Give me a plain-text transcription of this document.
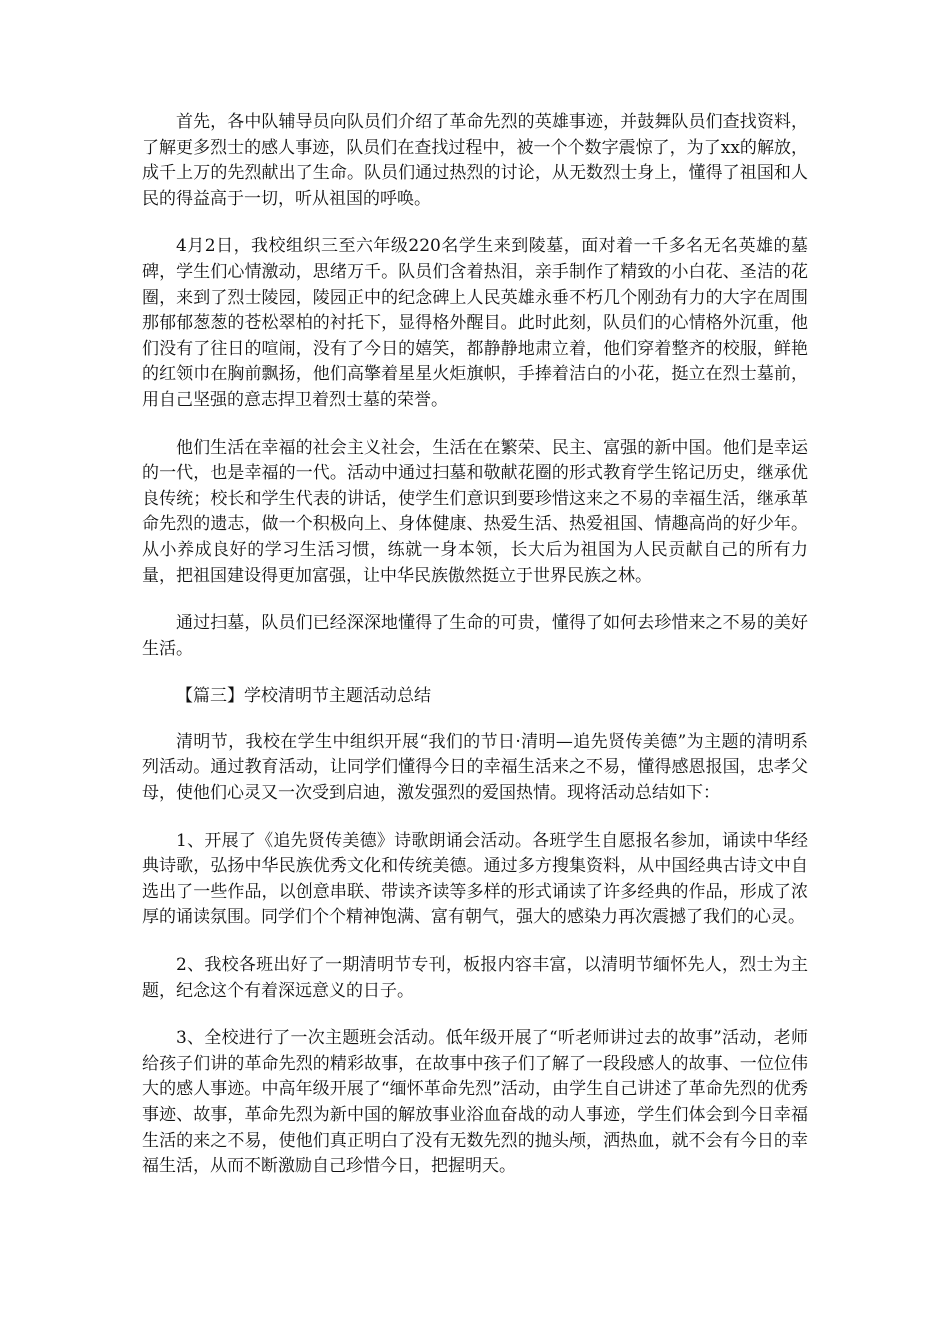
首先，各中队辅导员向队员们介绍了革命先烈的英雄事迹，并鼓舞队员们查找资料，了解更多烈士的感人事迹，队员们在查找过程中，被一个个数字震惊了，为了xx的解放，成千上万的先烈献出了生命。队员们通过热烈的讨论，从无数烈士身上，懂得了祖国和人民的得益高于一切，听从祖国的呼唤。

4月2日，我校组织三至六年级220名学生来到陵墓，面对着一千多名无名英雄的墓碑，学生们心情激动，思绪万千。队员们含着热泪，亲手制作了精致的小白花、圣洁的花圈，来到了烈士陵园，陵园正中的纪念碑上人民英雄永垂不朽几个刚劲有力的大字在周围那郁郁葱葱的苍松翠柏的衬托下，显得格外醒目。此时此刻，队员们的心情格外沉重，他们没有了往日的喧闹，没有了今日的嬉笑，都静静地肃立着，他们穿着整齐的校服，鲜艳的红领巾在胸前飘扬，他们高擎着星星火炬旗帜，手捧着洁白的小花，挺立在烈士墓前，用自己坚强的意志捍卫着烈士墓的荣誉。

他们生活在幸福的社会主义社会，生活在在繁荣、民主、富强的新中国。他们是幸运的一代，也是幸福的一代。活动中通过扫墓和敬献花圈的形式教育学生铭记历史，继承优良传统；校长和学生代表的讲话，使学生们意识到要珍惜这来之不易的幸福生活，继承革命先烈的遗志，做一个积极向上、身体健康、热爱生活、热爱祖国、情趣高尚的好少年。从小养成良好的学习生活习惯，练就一身本领，长大后为祖国为人民贡献自己的所有力量，把祖国建设得更加富强，让中华民族傲然挺立于世界民族之林。

通过扫墓，队员们已经深深地懂得了生命的可贵，懂得了如何去珍惜来之不易的美好生活。

【篇三】学校清明节主题活动总结

清明节，我校在学生中组织开展“我们的节日·清明—追先贤传美德”为主题的清明系列活动。通过教育活动，让同学们懂得今日的幸福生活来之不易，懂得感恩报国，忠孝父母，使他们心灵又一次受到启迪，激发强烈的爱国热情。现将活动总结如下：

1、开展了《追先贤传美德》诗歌朗诵会活动。各班学生自愿报名参加，诵读中华经典诗歌，弘扬中华民族优秀文化和传统美德。通过多方搜集资料，从中国经典古诗文中自选出了一些作品，以创意串联、带读齐读等多样的形式诵读了许多经典的作品，形成了浓厚的诵读氛围。同学们个个精神饱满、富有朝气，强大的感染力再次震撼了我们的心灵。

2、我校各班出好了一期清明节专刊，板报内容丰富，以清明节缅怀先人，烈士为主题，纪念这个有着深远意义的日子。

3、全校进行了一次主题班会活动。低年级开展了“听老师讲过去的故事”活动，老师给孩子们讲的革命先烈的精彩故事，在故事中孩子们了解了一段段感人的故事、一位位伟大的感人事迹。中高年级开展了“缅怀革命先烈”活动，由学生自己讲述了革命先烈的优秀事迹、故事，革命先烈为新中国的解放事业浴血奋战的动人事迹，学生们体会到今日幸福生活的来之不易，使他们真正明白了没有无数先烈的抛头颅，洒热血，就不会有今日的幸福生活，从而不断激励自己珍惜今日，把握明天。
